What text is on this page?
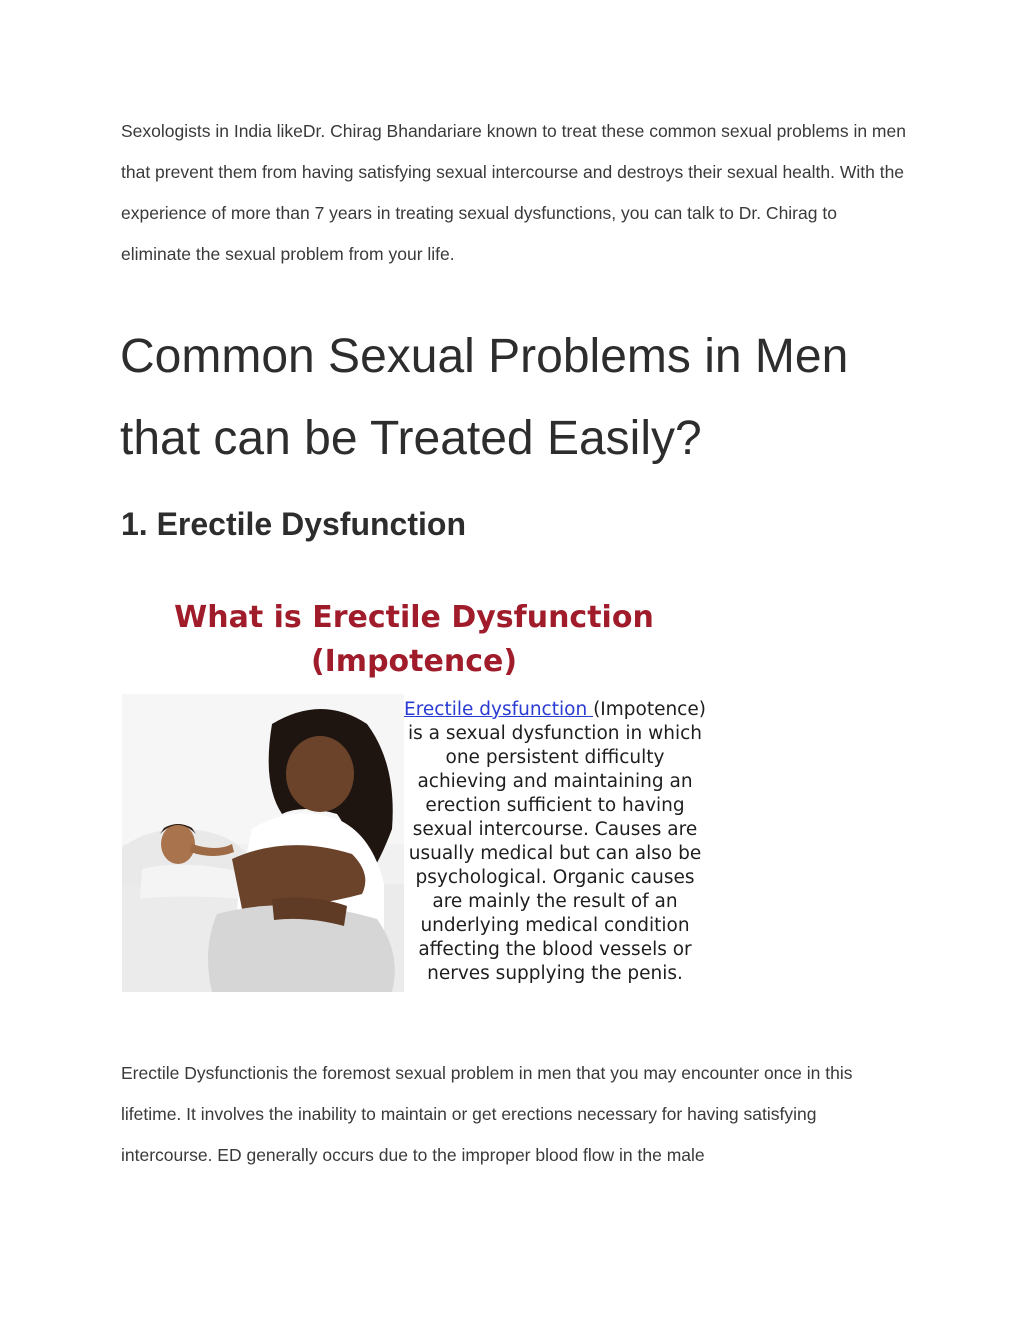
Sexologists in India likeDr. Chirag Bhandariare known to treat these common sexual problems in men that prevent them from having satisfying sexual intercourse and destroys their sexual health. With the experience of more than 7 years in treating sexual dysfunctions, you can talk to Dr. Chirag to eliminate the sexual problem from your life.

Common Sexual Problems in Men that can be Treated Easily?
1. Erectile Dysfunction
What is Erectile Dysfunction
(Impotence)
Erectile dysfunction (Impotence) is a sexual dysfunction in which one persistent difficulty achieving and maintaining an erection sufficient to having sexual intercourse. Causes are usually medical but can also be psychological. Organic causes are mainly the result of an underlying medical condition affecting the blood vessels or nerves supplying the penis.

Erectile Dysfunctionis the foremost sexual problem in men that you may encounter once in this lifetime. It involves the inability to maintain or get erections necessary for having satisfying intercourse. ED generally occurs due to the improper blood flow in the male
